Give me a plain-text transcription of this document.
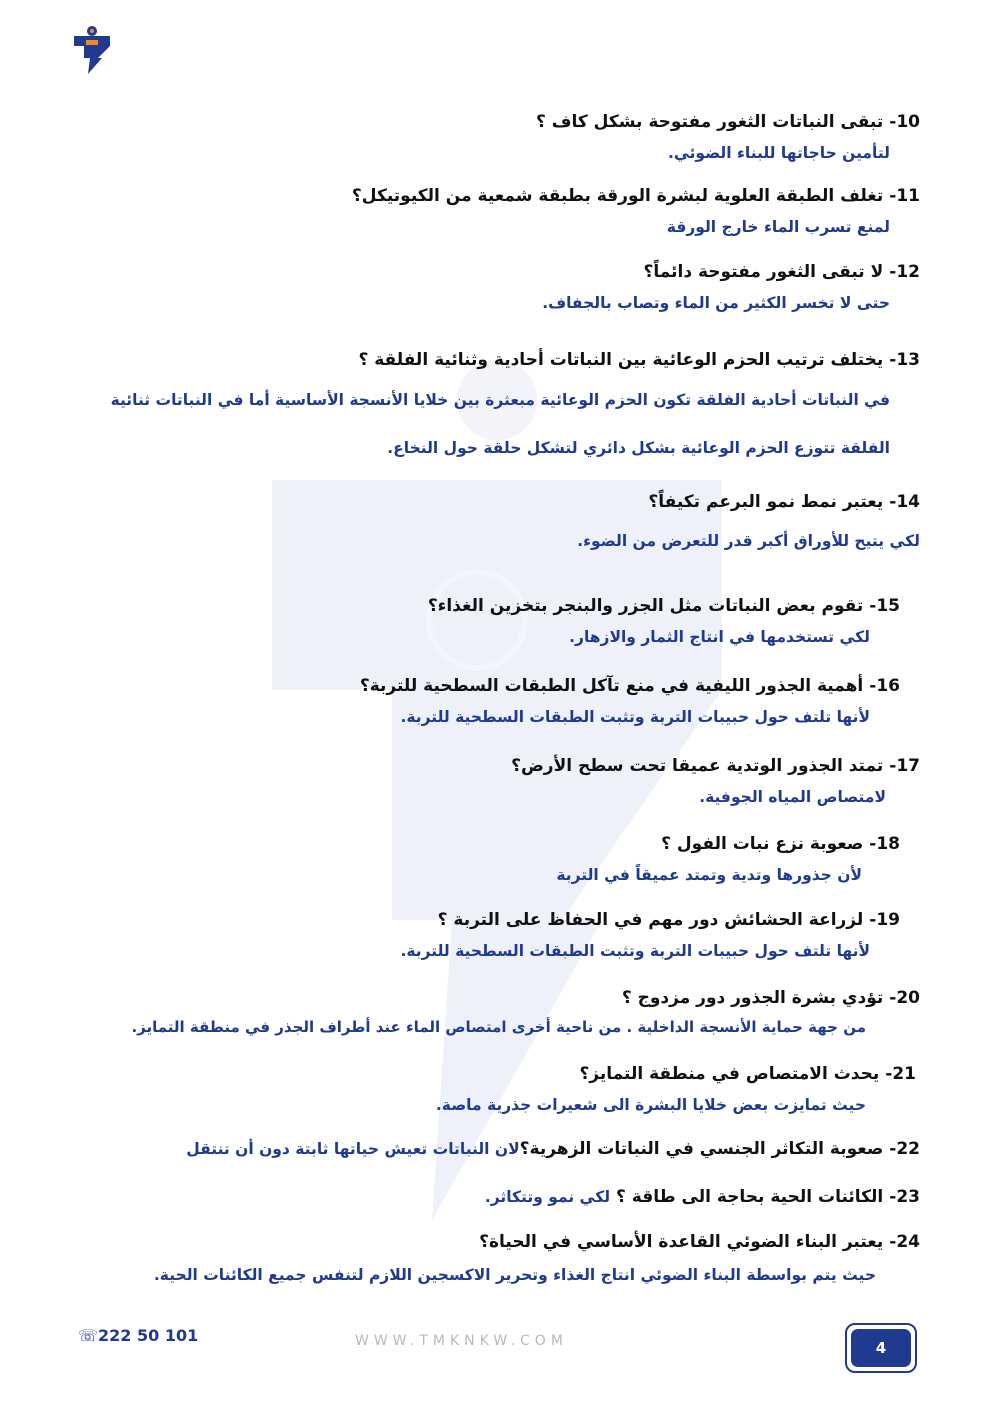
10-تبقى النباتات الثغور مفتوحة بشكل كاف ؟
لتأمين حاجاتها للبناء الضوئي.
11-تغلف الطبقة العلوية لبشرة الورقة بطبقة شمعية من الكيوتيكل؟
لمنع تسرب الماء خارج الورقة
12-لا تبقى الثغور مفتوحة دائماً؟
حتى لا تخسر الكثير من الماء وتصاب بالجفاف.
13-يختلف ترتيب الحزم الوعائية بين النباتات أحادية وثنائية الفلقة ؟
في النباتات أحادية الفلقة تكون الحزم الوعائية مبعثرة بين خلايا الأنسجة الأساسية أما في النباتات ثنائية الفلقة تتوزع الحزم الوعائية بشكل دائري لتشكل حلقة حول النخاع.
14-يعتبر نمط نمو البرعم تكيفاً؟
لكي يتيح للأوراق أكبر قدر للتعرض من الضوء.
15-تقوم بعض النباتات مثل الجزر والبنجر بتخزين الغذاء؟
لكي تستخدمها في انتاج الثمار والازهار.
16-أهمية الجذور الليفية في منع تآكل الطبقات السطحية للتربة؟
لأنها تلتف حول حبيبات التربة وتثبت الطبقات السطحية للتربة.
17-تمتد الجذور الوتدية عميقا تحت سطح الأرض؟
لامتصاص المياه الجوفية.
18-صعوبة نزع نبات الفول ؟
لأن جذورها وتدية وتمتد عميقاً في التربة
19-لزراعة الحشائش دور مهم في الحفاظ على التربة ؟
لأنها تلتف حول حبيبات التربة وتثبت الطبقات السطحية للتربة.
20-تؤدي بشرة الجذور دور مزدوج ؟
من جهة حماية الأنسجة الداخلية . من ناحية أخرى امتصاص الماء عند أطراف الجذر في منطقة التمايز.
21-يحدث الامتصاص في منطقة التمايز؟
حيث تمايزت بعض خلايا البشرة الى شعيرات جذرية ماصة.
22-صعوبة التكاثر الجنسي في النباتات الزهرية؟لان النباتات تعيش حياتها ثابتة دون أن تنتقل
23-الكائنات الحية بحاجة الى طاقة ؟ لكي نمو وتتكاثر.
24-يعتبر البناء الضوئي القاعدة الأساسي في الحياة؟
حيث يتم بواسطة البناء الضوئي انتاج الغذاء وتحرير الاكسجين اللازم لتنفس جميع الكائنات الحية.
☏222 50 101	WWW.TMKNKW.COM	4
